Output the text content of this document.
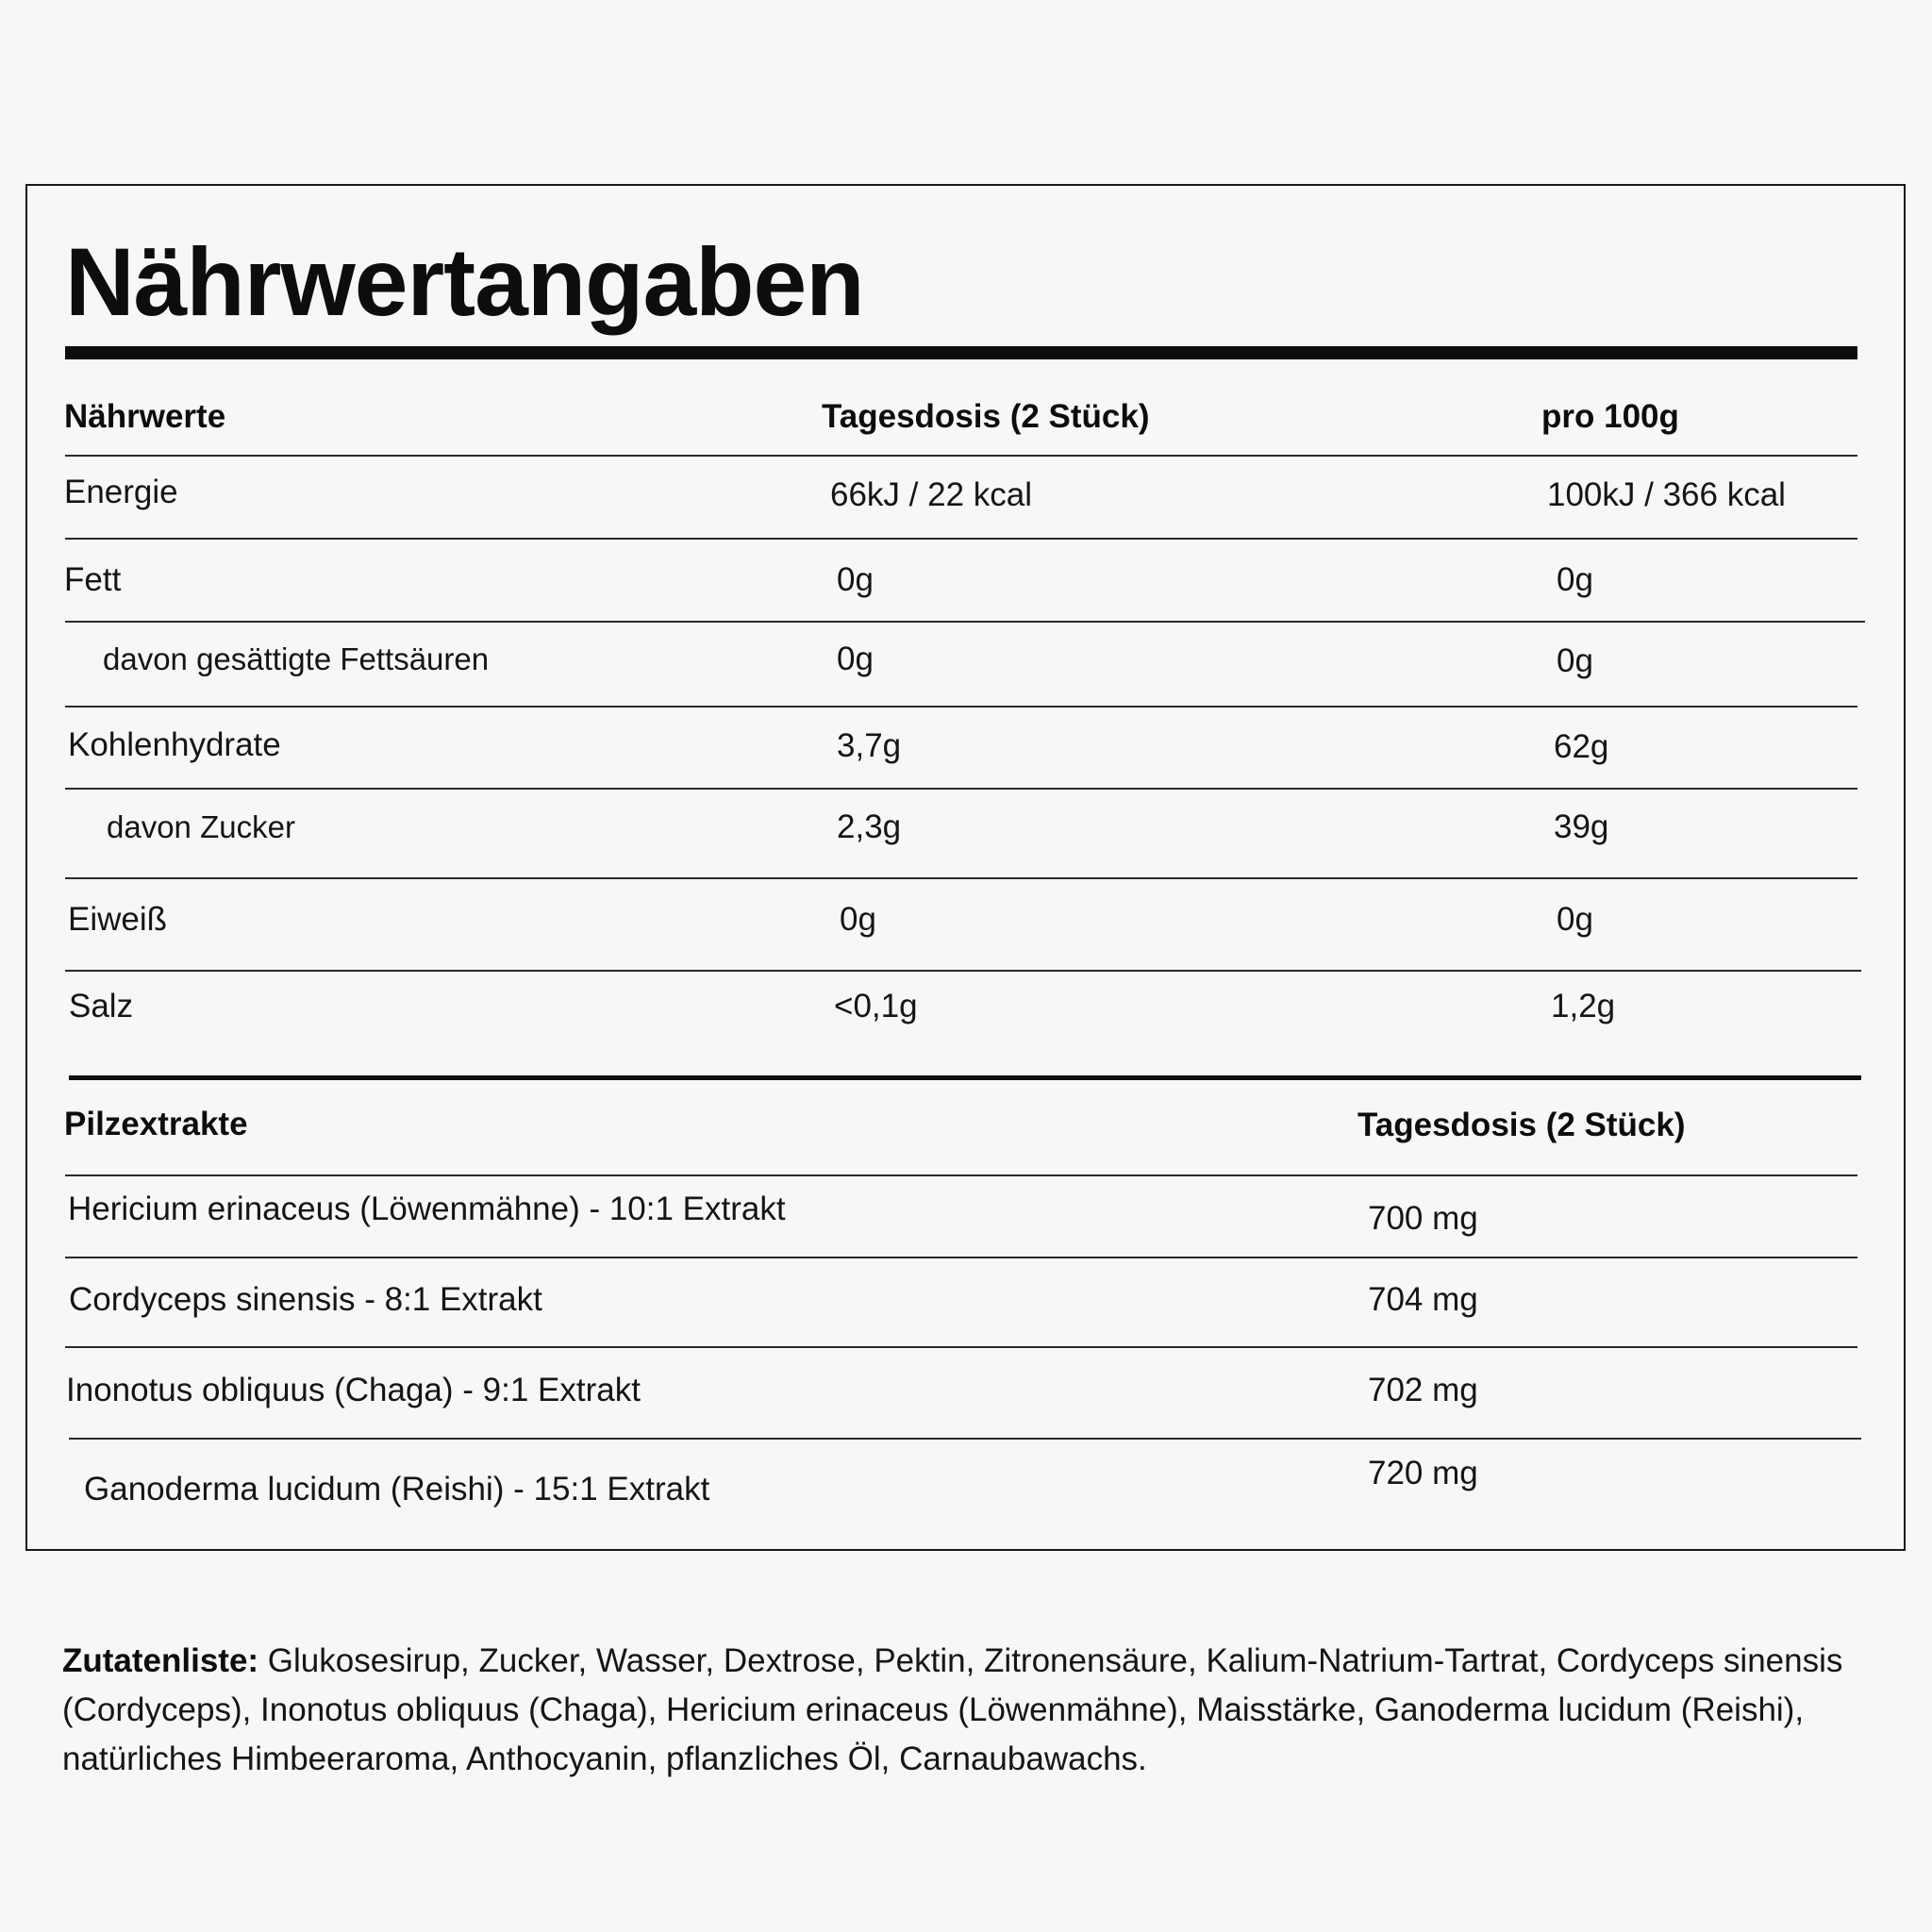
Nährwertangaben
Nährwerte	Tagesdosis (2 Stück)	pro 100g
Energie	66kJ / 22 kcal	100kJ / 366 kcal
Fett	0g	0g
davon gesättigte Fettsäuren	0g	0g
Kohlenhydrate	3,7g	62g
davon Zucker	2,3g	39g
Eiweiß	0g	0g
Salz	<0,1g	1,2g
Pilzextrakte	Tagesdosis (2 Stück)
Hericium erinaceus (Löwenmähne) - 10:1 Extrakt	700 mg
Cordyceps sinensis - 8:1 Extrakt	704 mg
Inonotus obliquus (Chaga) - 9:1 Extrakt	702 mg
Ganoderma lucidum (Reishi) - 15:1 Extrakt	720 mg

Zutatenliste: Glukosesirup, Zucker, Wasser, Dextrose, Pektin, Zitronensäure, Kalium-Natrium-Tartrat, Cordyceps sinensis (Cordyceps), Inonotus obliquus (Chaga), Hericium erinaceus (Löwenmähne), Maisstärke, Ganoderma lucidum (Reishi), natürliches Himbeeraroma, Anthocyanin, pflanzliches Öl, Carnaubawachs.
